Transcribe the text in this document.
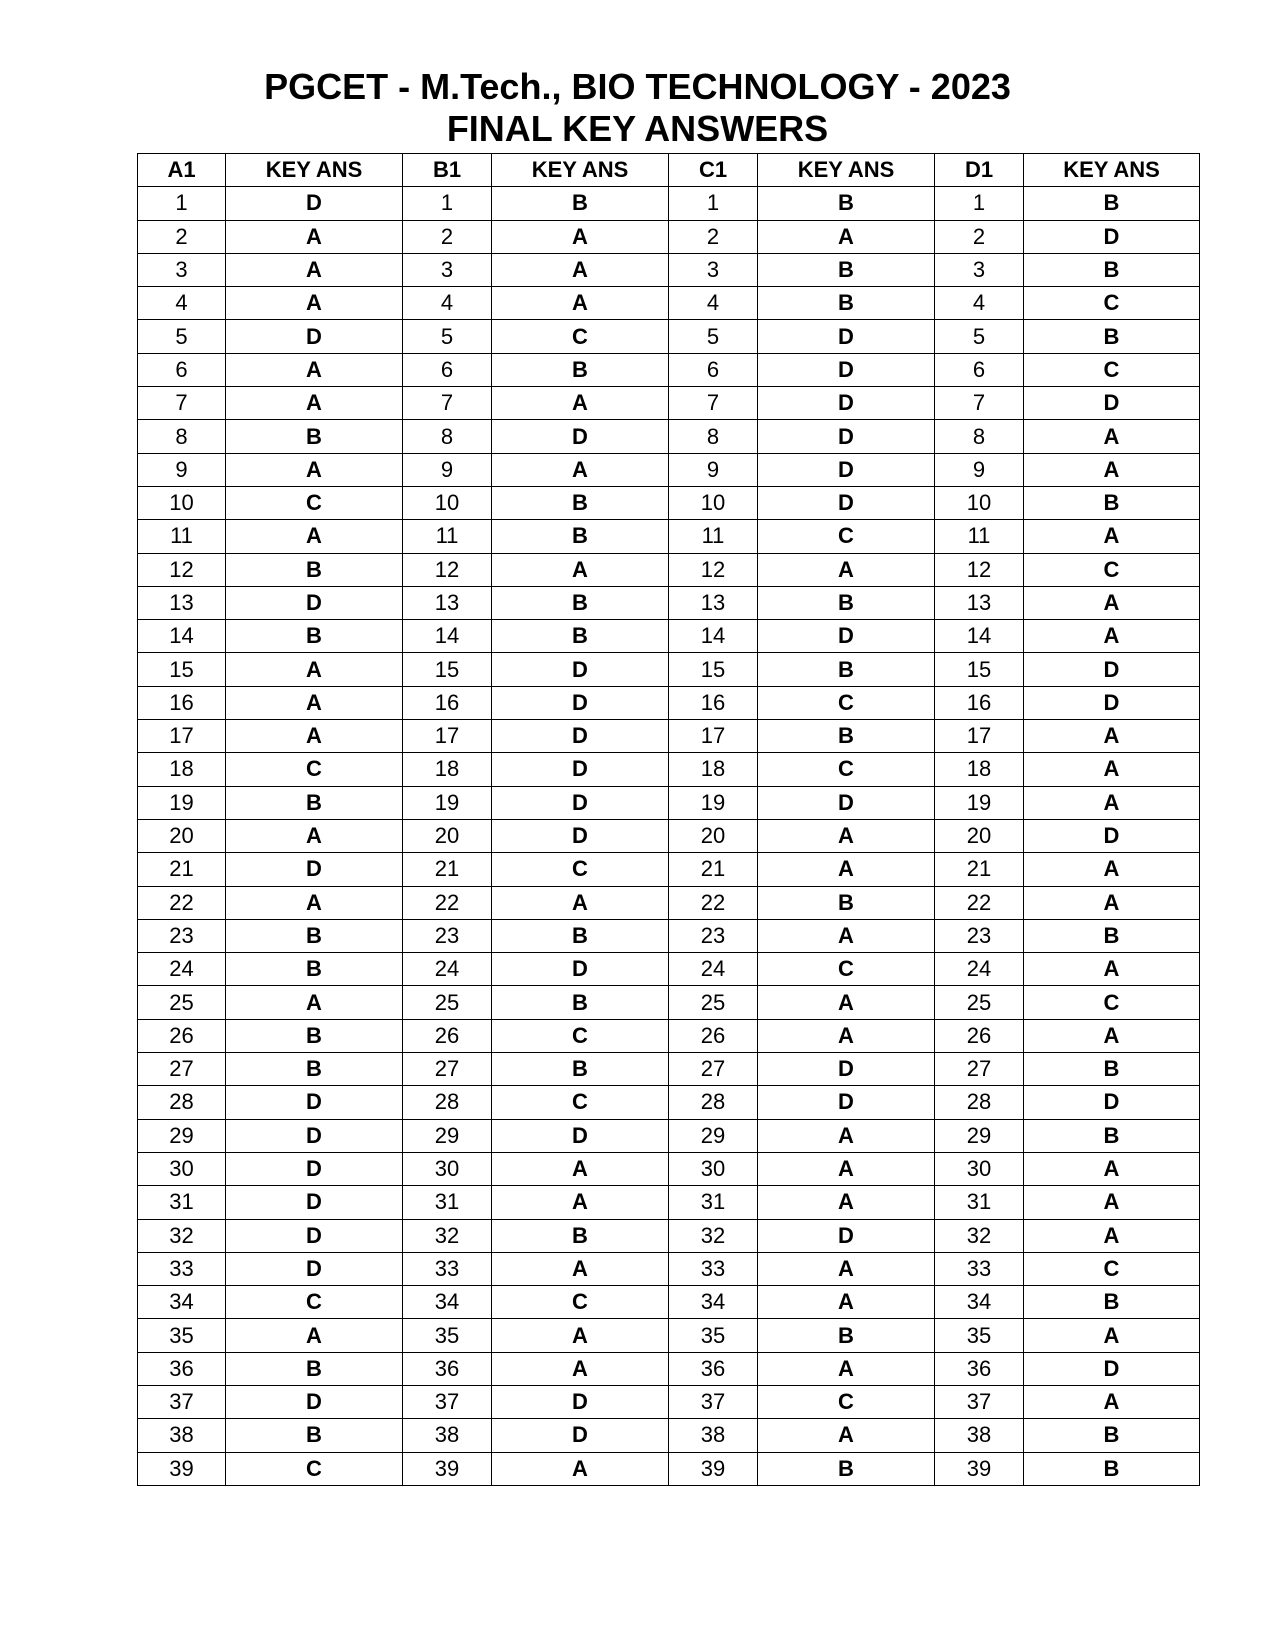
PGCET - M.Tech., BIO TECHNOLOGY - 2023
FINAL KEY ANSWERS
A1	KEY ANS	B1	KEY ANS	C1	KEY ANS	D1	KEY ANS
1	D	1	B	1	B	1	B
2	A	2	A	2	A	2	D
3	A	3	A	3	B	3	B
4	A	4	A	4	B	4	C
5	D	5	C	5	D	5	B
6	A	6	B	6	D	6	C
7	A	7	A	7	D	7	D
8	B	8	D	8	D	8	A
9	A	9	A	9	D	9	A
10	C	10	B	10	D	10	B
11	A	11	B	11	C	11	A
12	B	12	A	12	A	12	C
13	D	13	B	13	B	13	A
14	B	14	B	14	D	14	A
15	A	15	D	15	B	15	D
16	A	16	D	16	C	16	D
17	A	17	D	17	B	17	A
18	C	18	D	18	C	18	A
19	B	19	D	19	D	19	A
20	A	20	D	20	A	20	D
21	D	21	C	21	A	21	A
22	A	22	A	22	B	22	A
23	B	23	B	23	A	23	B
24	B	24	D	24	C	24	A
25	A	25	B	25	A	25	C
26	B	26	C	26	A	26	A
27	B	27	B	27	D	27	B
28	D	28	C	28	D	28	D
29	D	29	D	29	A	29	B
30	D	30	A	30	A	30	A
31	D	31	A	31	A	31	A
32	D	32	B	32	D	32	A
33	D	33	A	33	A	33	C
34	C	34	C	34	A	34	B
35	A	35	A	35	B	35	A
36	B	36	A	36	A	36	D
37	D	37	D	37	C	37	A
38	B	38	D	38	A	38	B
39	C	39	A	39	B	39	B
